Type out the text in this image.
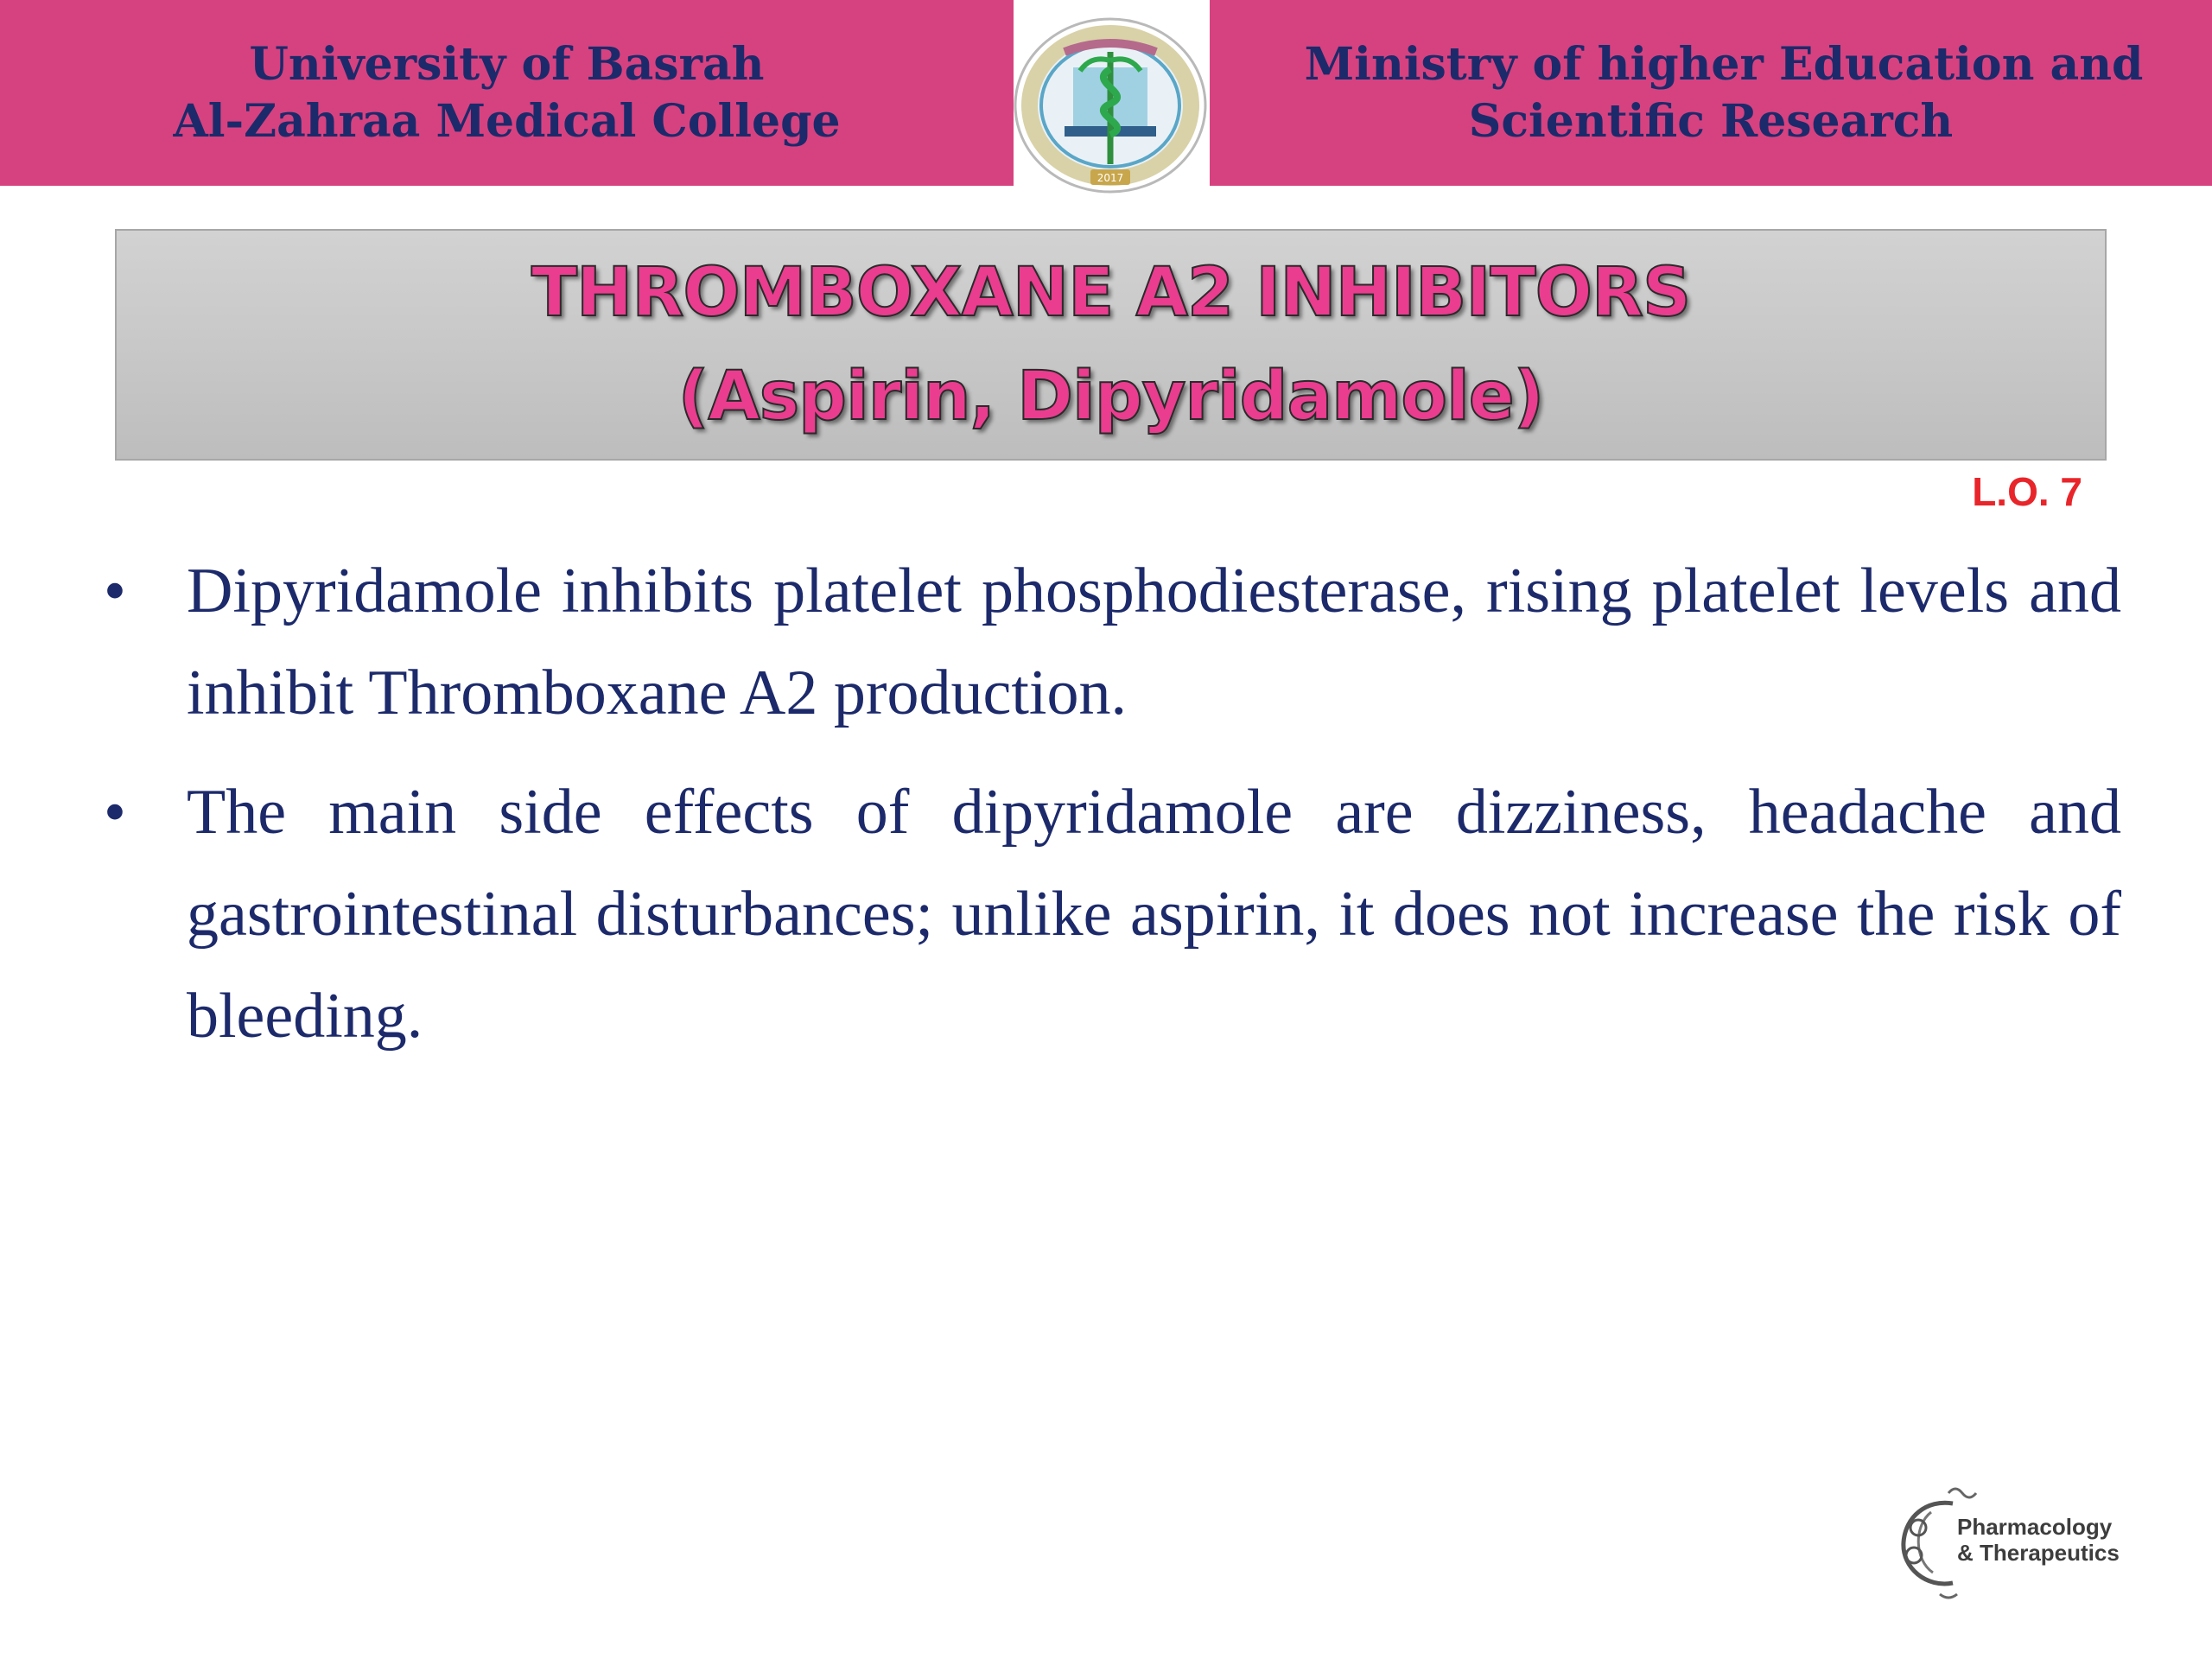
University of Basrah
Al-Zahraa Medical College
2017
Ministry of higher Education and
Scientific Research
THROMBOXANE A2 INHIBITORS
(Aspirin, Dipyridamole)
L.O. 7
• Dipyridamole inhibits platelet phosphodiesterase, rising platelet levels and inhibit Thromboxane A2 production.
• The main side effects of dipyridamole are dizziness, headache and gastrointestinal disturbances; unlike aspirin, it does not increase the risk of bleeding.
Pharmacology
& Therapeutics
